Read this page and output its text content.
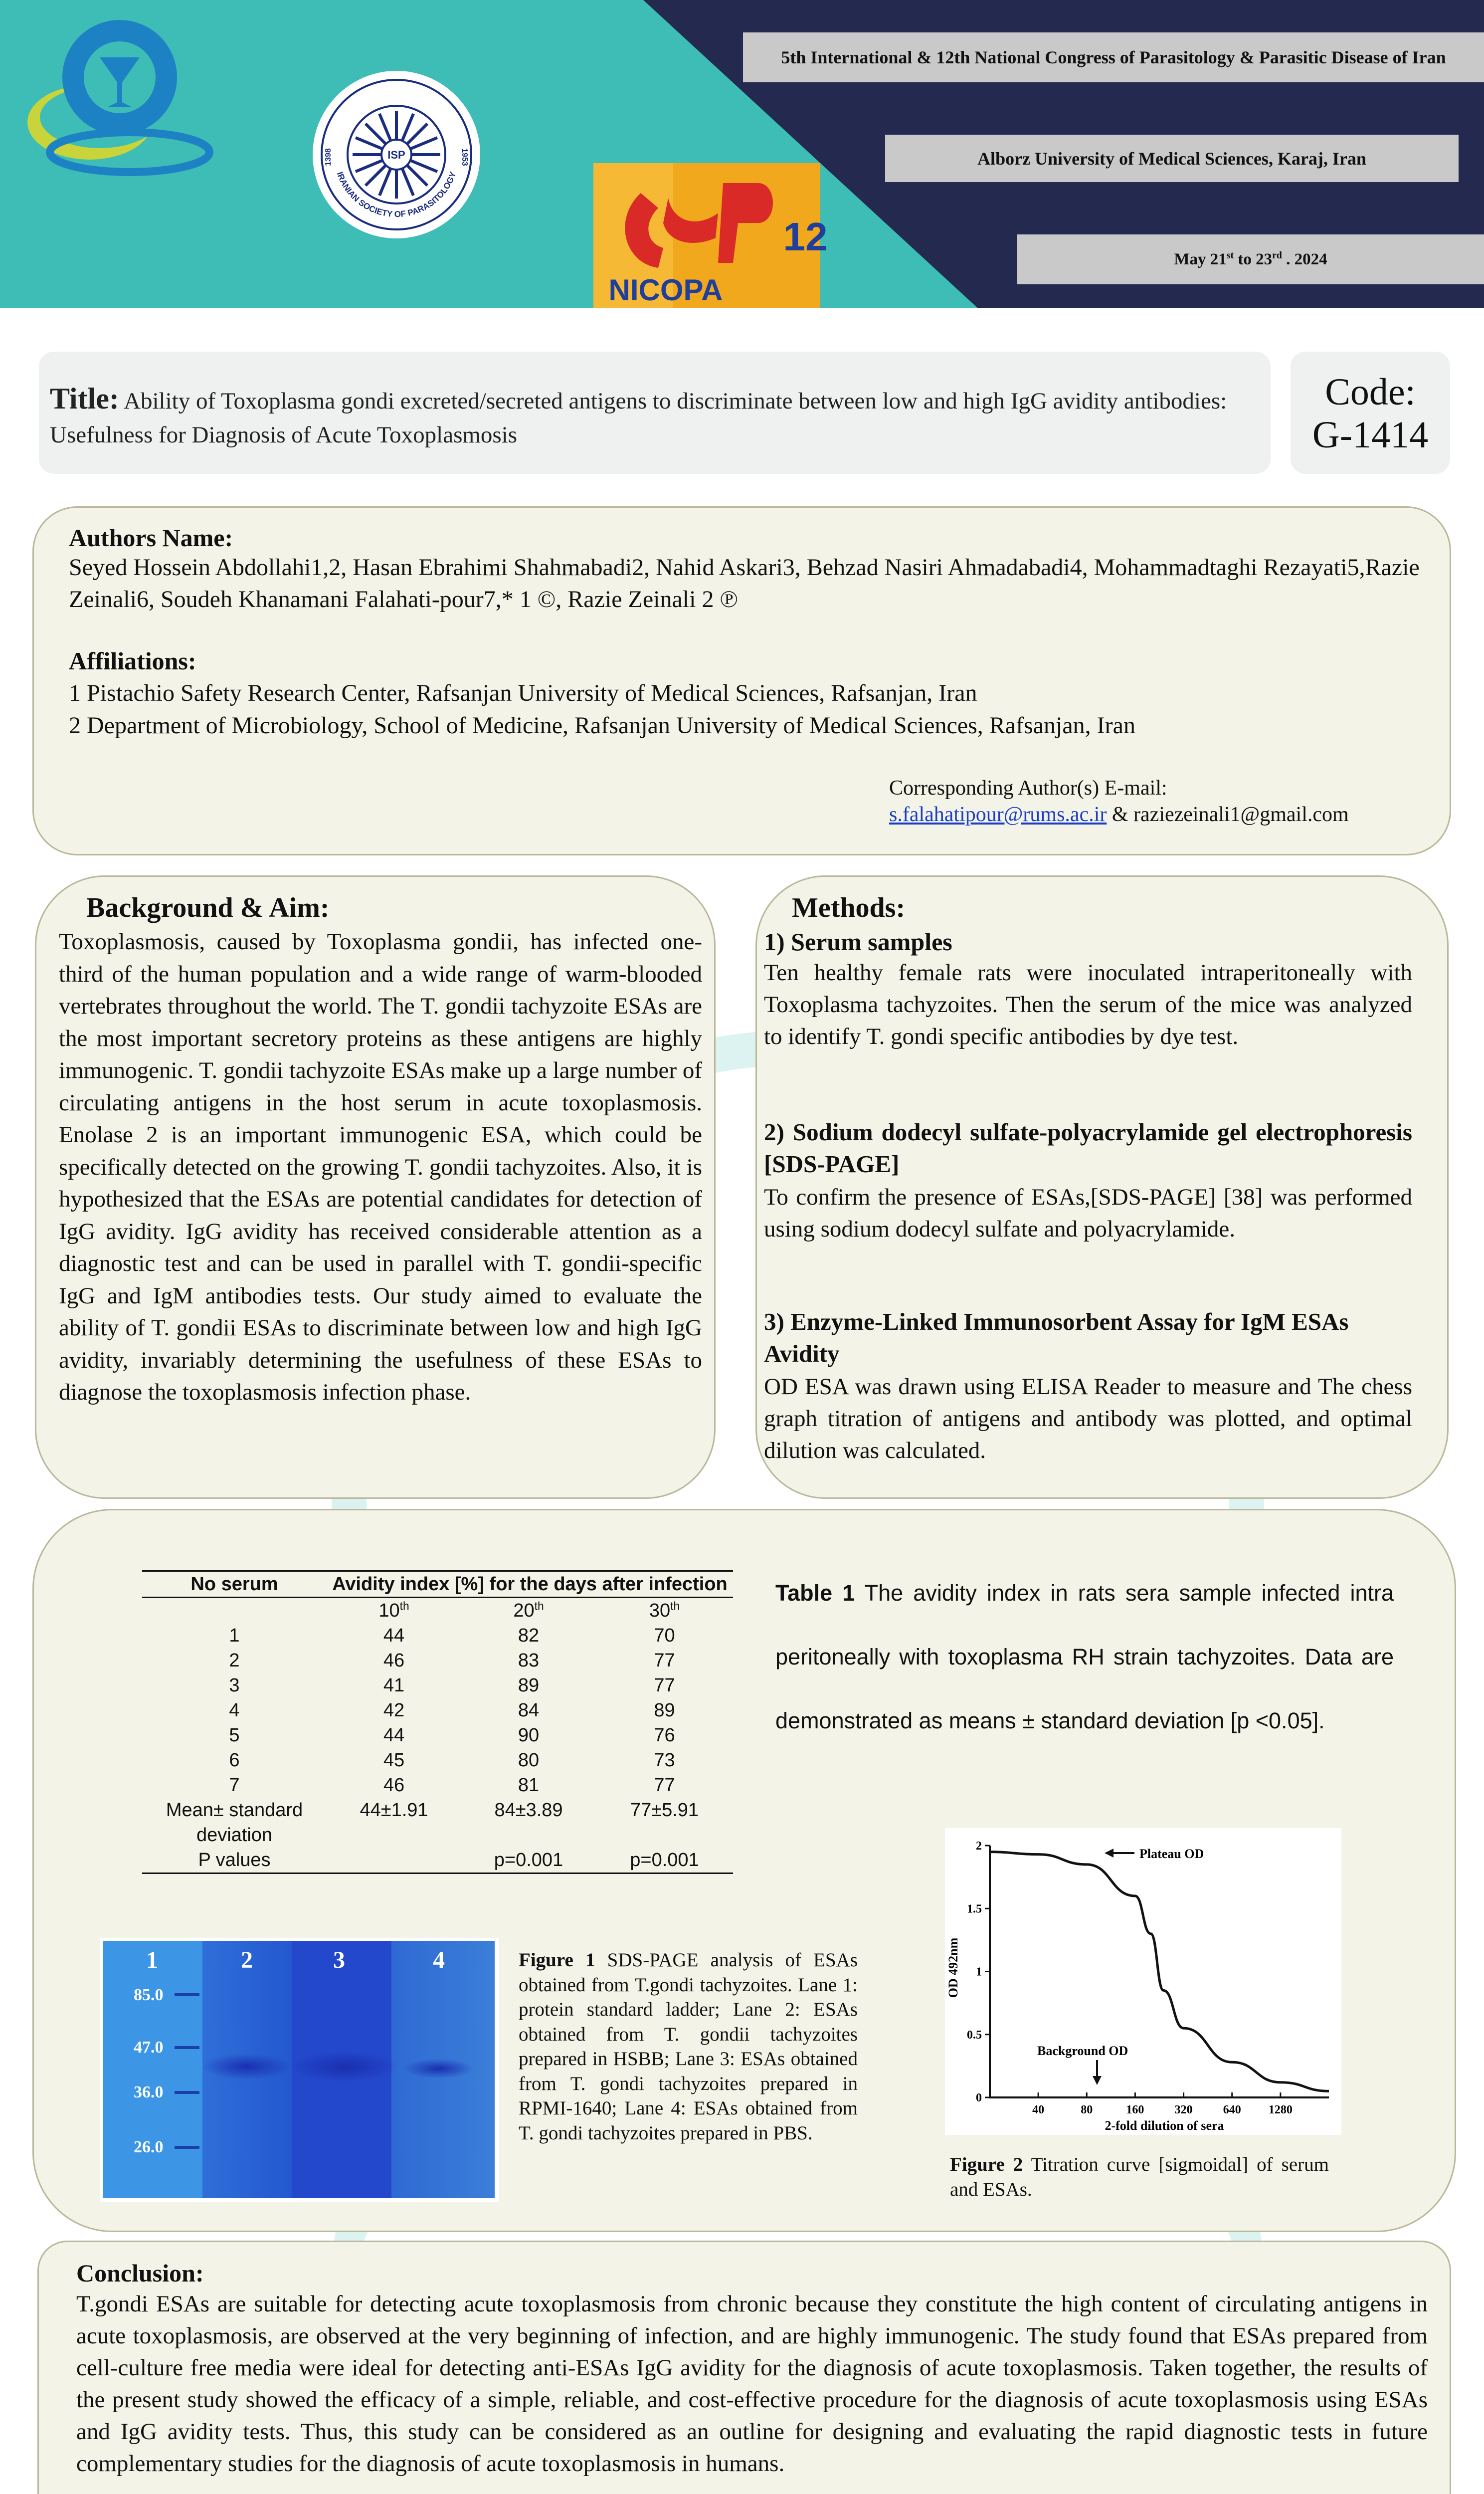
ISP
IRANIAN SOCIETY OF PARASITOLOGY
1398	1953
12
NICOPA
5th International & 12th National Congress of Parasitology & Parasitic Disease of Iran
Alborz University of Medical Sciences, Karaj, Iran
May 21st to 23rd . 2024
Title: Ability of Toxoplasma gondi excreted/secreted antigens to discriminate between low and high IgG avidity antibodies: Usefulness for Diagnosis of Acute Toxoplasmosis
Code:
G-1414
Authors Name:
Seyed Hossein Abdollahi1,2, Hasan Ebrahimi Shahmabadi2, Nahid Askari3, Behzad Nasiri Ahmadabadi4, Mohammadtaghi Rezayati5,Razie Zeinali6, Soudeh Khanamani Falahati-pour7,* 1 ©, Razie Zeinali 2 ℗
Affiliations:
1 Pistachio Safety Research Center, Rafsanjan University of Medical Sciences, Rafsanjan, Iran
2 Department of Microbiology, School of Medicine, Rafsanjan University of Medical Sciences, Rafsanjan, Iran
Corresponding Author(s) E-mail:
s.falahatipour@rums.ac.ir & raziezeinali1@gmail.com
Background & Aim:
Toxoplasmosis, caused by Toxoplasma gondii, has infected one-third of the human population and a wide range of warm-blooded vertebrates throughout the world. The T. gondii tachyzoite ESAs are the most important secretory proteins as these antigens are highly immunogenic. T. gondii tachyzoite ESAs make up a large number of circulating antigens in the host serum in acute toxoplasmosis. Enolase 2 is an important immunogenic ESA, which could be specifically detected on the growing T. gondii tachyzoites. Also, it is hypothesized that the ESAs are potential candidates for detection of IgG avidity. IgG avidity has received considerable attention as a diagnostic test and can be used in parallel with T. gondii-specific IgG and IgM antibodies tests. Our study aimed to evaluate the ability of T. gondii ESAs to discriminate between low and high IgG avidity, invariably determining the usefulness of these ESAs to diagnose the toxoplasmosis infection phase.
Methods:
1) Serum samples
Ten healthy female rats were inoculated intraperitoneally with Toxoplasma tachyzoites. Then the serum of the mice was analyzed to identify T. gondi specific antibodies by dye test.
2) Sodium dodecyl sulfate-polyacrylamide gel electrophoresis [SDS-PAGE]
To confirm the presence of ESAs,[SDS-PAGE] [38] was performed using sodium dodecyl sulfate and polyacrylamide.
3) Enzyme-Linked Immunosorbent Assay for IgM ESAs Avidity
OD ESA was drawn using ELISA Reader to measure and The chess graph titration of antigens and antibody was plotted, and optimal dilution was calculated.
No serum	Avidity index [%] for the days after infection		
	10th	20th	30th
1	44	82	70
2	46	83	77
3	41	89	77
4	42	84	89
5	44	90	76
6	45	80	73
7	46	81	77
Mean± standard deviation	44±1.91	84±3.89	77±5.91
P values		p=0.001	p=0.001
Table 1 The avidity index in rats sera sample infected intra peritoneally with toxoplasma RH strain tachyzoites. Data are demonstrated as means ± standard deviation [p <0.05].
1	2	3	4
85.0
47.0
36.0
26.0
Figure 1 SDS-PAGE analysis of ESAs obtained from T.gondi tachyzoites. Lane 1: protein standard ladder; Lane 2: ESAs obtained from T. gondii tachyzoites prepared in HSBB; Lane 3: ESAs obtained from T. gondi tachyzoites prepared in RPMI-1640; Lane 4: ESAs obtained from T. gondi tachyzoites prepared in PBS.
0
0.5
1
1.5
2
40	80	160	320	640 1280
OD 492nm
2-fold dilution of sera
Plateau OD
Background OD
Figure 2 Titration curve [sigmoidal] of serum and ESAs.
Conclusion:
T.gondi ESAs are suitable for detecting acute toxoplasmosis from chronic because they constitute the high content of circulating antigens in acute toxoplasmosis, are observed at the very beginning of infection, and are highly immunogenic. The study found that ESAs prepared from cell-culture free media were ideal for detecting anti-ESAs IgG avidity for the diagnosis of acute toxoplasmosis. Taken together, the results of the present study showed the efficacy of a simple, reliable, and cost-effective procedure for the diagnosis of acute toxoplasmosis using ESAs and IgG avidity tests. Thus, this study can be considered as an outline for designing and evaluating the rapid diagnostic tests in future complementary studies for the diagnosis of acute toxoplasmosis in humans.
